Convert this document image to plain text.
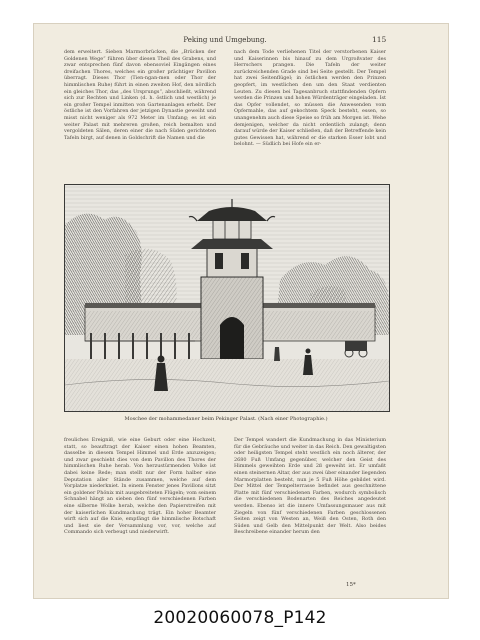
Peking und Umgebung.	115
dem erweitert. Sieben Marmorbrücken, die „Brücken der Goldenen Wege“ führen über diesen Theil des Grabens, und zwar entsprechen fünf davon ebensoviel Eingängen eines dreifachen Thores, welches ein großer prächtiger Pavillon überragt. Dieses Thor (Tien-ngan-men oder Thor der himmlischen Ruhe) führt in einen zweiten Hof, den nördlich ein gleiches Thor, das „des Ursprungs“, abschließt, während sich zur Rechten und Linken (d. h. östlich und westlich) je ein großer Tempel inmitten von Gartenanlagen erhebt. Der östliche ist den Vorfahren der jetzigen Dynastie geweiht und misst nicht weniger als 972 Meter im Umfang; es ist ein weiter Palast mit mehreren großen, reich bemalten und vergoldeten Sälen, deren einer die nach Süden gerichteten Tafeln birgt, auf denen in Goldschrift die Namen und die
nach dem Tode verliehenen Titel der verstorbenen Kaiser und Kaiserinnen bis hinauf zu dem Urgroßvater des Herrschers prangen. Die Tafeln der weiter zurückreichenden Grade sind bei Seite gestellt. Der Tempel hat zwei Seitenflügel; in östlichen werden den Prinzen geopfert, im westlichen den um den Staat verdienten Leuten. Zu diesen bei Tagesanbruch stattfindenden Opfern werden die Prinzen und hohen Würdenträger eingeladen. Ist das Opfer vollendet, so müssen die Anwesenden vom Opfermahle, das auf gekochtem Speck besteht, essen, so unangenehm auch diese Speise so früh am Morgen ist. Wehe demjenigen, welcher da nicht ordentlich zulangt; denn darauf würde der Kaiser schließen, daß der Betreffende kein gutes Gewissen hat, während er die starken Esser lobt und belohnt. — Südlich bei Hofe ein er-
Moschee der mohammedaner beim Pekinger Palast. (Nach einer Photographie.)
freuliches Ereigniß, wie eine Geburt oder eine Hochzeit, statt, so beauftragt der Kaiser einen hohen Beamten, dasselbe in diesem Tempel Himmel und Erde anzuzeigen; und zwar geschieht dies von dem Pavillon des Thores der himmlischen Ruhe herab. Von herzustürmenden Volke ist dabei keine Rede; man stellt nur der Form halber eine Deputation aller Stände zusammen, welche auf dem Vorplatze niederkniet. In einem Fenster jenes Pavillons sitzt ein goldener Phönix mit ausgebreiteten Flügeln; vom seinem Schnabel hängt an sieben den fünf verschiedenen Farben eine silberne Wolke herab, welche den Papierstreifen mit der kaiserlichen Kundmachung trägt. Ein hoher Beamter wirft sich auf die Knie, empfängt die himmlische Botschaft und liest sie der Versammlung vor, vor, welche auf Commando sich verbeugt und niederwirft.
Der Tempel wandert die Kundmachung in das Ministerium für die Gebräuche und weiter in das Reich. Den gewaltigsten oder heiligsten Tempel steht westlich ein noch älterer, der 2680 Fuß Umfang gegenüber, welcher den Geist des Himmels geweihten Erde und 2ß geweiht ist. Er umfaßt einen steinernen Altar, der aus zwei über einander liegenden Marmorplatten besteht, nun je 5 Fuß Höhe gebildet wird. Der Mittel der Tempelterrasse befindet aus geschnittene Platte mit fünf verschiedenen Farben, wodurch symbolisch die verschiedenen Bodenarten des Reiches angedeutet werden. Ebenso ist die innere Umfassungsmauer aus mit Ziegeln von fünf verschiedenen Farben geschlossenen Seiten zeigt von Westen an, Weiß den Osten, Roth den Süden und Gelb den Mittelpunkt der Welt. Also beides Beschreibene einander herum den
15*
20020060078_P142
